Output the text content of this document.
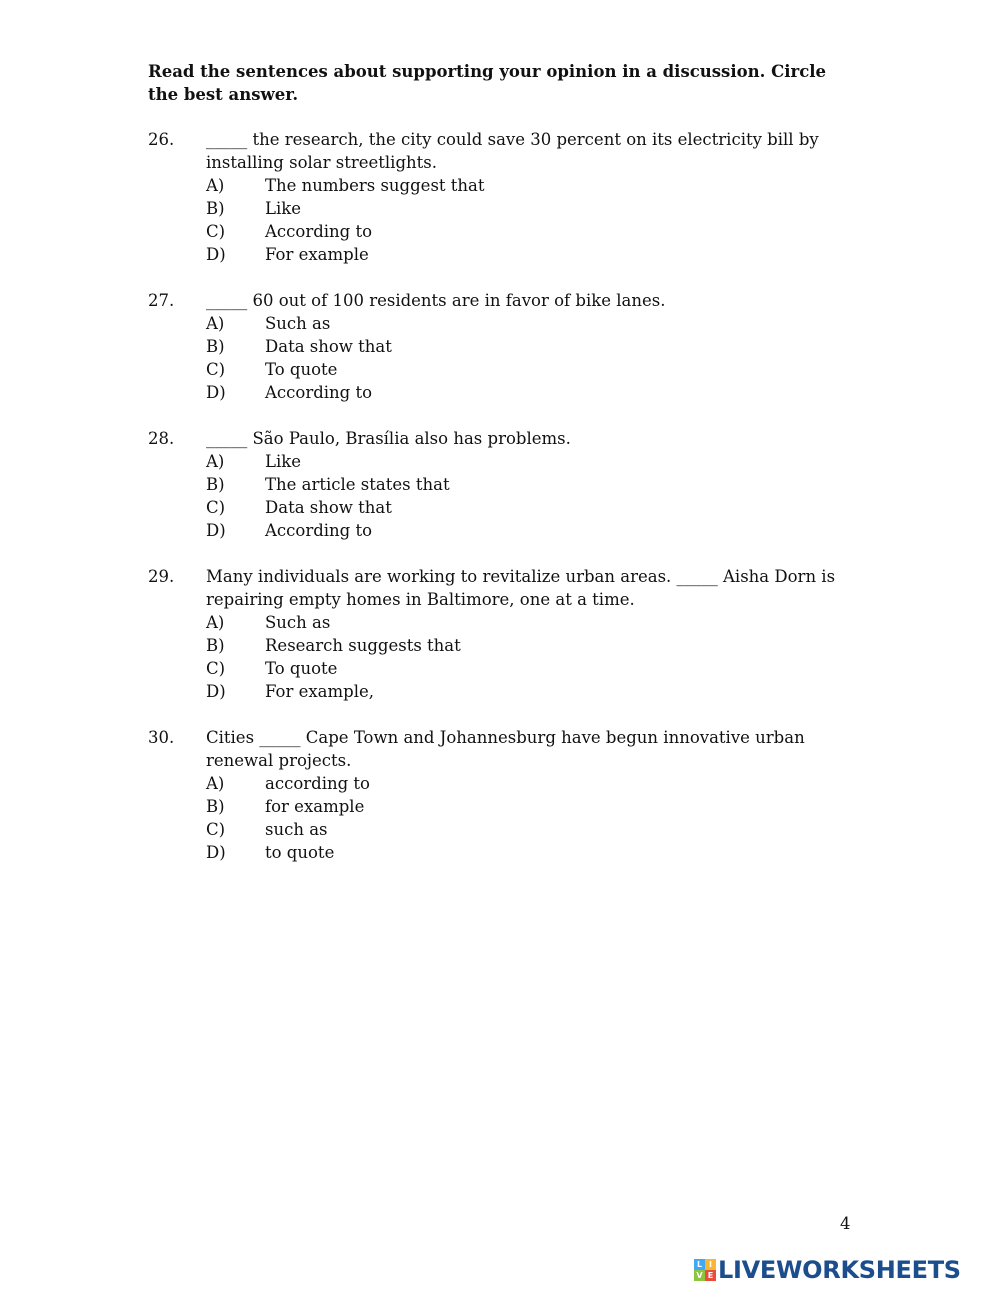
Read the sentences about supporting your opinion in a discussion. Circle the best answer.
26.	_____ the research, the city could save 30 percent on its electricity bill by installing solar streetlights.
A)	The numbers suggest that
B)	Like
C)	According to
D)	For example
27.	_____ 60 out of 100 residents are in favor of bike lanes.
A)	Such as
B)	Data show that
C)	To quote
D)	According to
28.	_____ São Paulo, Brasília also has problems.
A)	Like
B)	The article states that
C)	Data show that
D)	According to
29.	Many individuals are working to revitalize urban areas. _____ Aisha Dorn is repairing empty homes in Baltimore, one at a time.
A)	Such as
B)	Research suggests that
C)	To quote
D)	For example,
30.	Cities _____ Cape Town and Johannesburg have begun innovative urban renewal projects.
A)	according to
B)	for example
C)	such as
D)	to quote
4
L I
V E LIVEWORKSHEETS
